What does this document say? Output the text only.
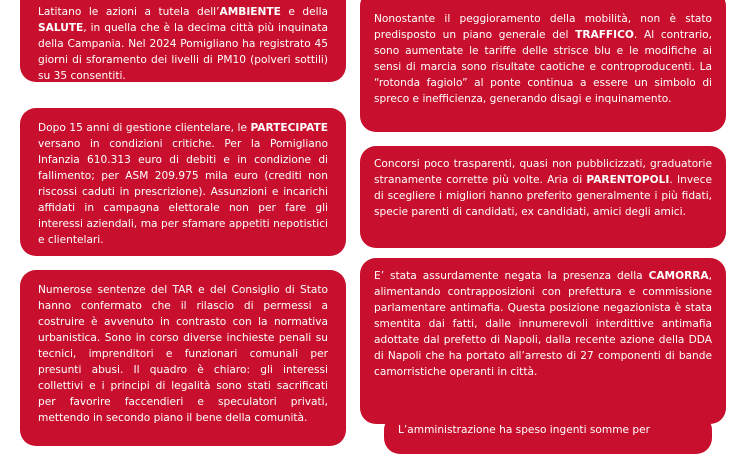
Latitano le azioni a tutela dell’AMBIENTE e della SALUTE, in quella che è la decima città più inquinata della Campania. Nel 2024 Pomigliano ha registrato 45 giorni di sforamento dei livelli di PM10 (polveri sottili) su 35 consentiti.

Dopo 15 anni di gestione clientelare, le PARTECIPATE versano in condizioni critiche. Per la Pomigliano Infanzia 610.313 euro di debiti e in condizione di fallimento; per ASM 209.975 mila euro (crediti non riscossi caduti in prescrizione). Assunzioni e incarichi affidati in campagna elettorale non per fare gli interessi aziendali, ma per sfamare appetiti nepotistici e clientelari.

Numerose sentenze del TAR e del Consiglio di Stato hanno confermato che il rilascio di permessi a costruire è avvenuto in contrasto con la normativa urbanistica. Sono in corso diverse inchieste penali su tecnici, imprenditori e funzionari comunali per presunti abusi. Il quadro è chiaro: gli interessi collettivi e i principi di legalità sono stati sacrificati per favorire faccendieri e speculatori privati, mettendo in secondo piano il bene della comunità.

Nonostante il peggioramento della mobilità, non è stato predisposto un piano generale del TRAFFICO. Al contrario, sono aumentate le tariffe delle strisce blu e le modifiche ai sensi di marcia sono risultate caotiche e controproducenti. La “rotonda fagiolo” al ponte continua a essere un simbolo di spreco e inefficienza, generando disagi e inquinamento.

Concorsi poco trasparenti, quasi non pubblicizzati, graduatorie stranamente corrette più volte. Aria di PARENTOPOLI. Invece di scegliere i migliori hanno preferito generalmente i più fidati, specie parenti di candidati, ex candidati, amici degli amici.

E’ stata assurdamente negata la presenza della CAMORRA, alimentando contrapposizioni con prefettura e commissione parlamentare antimafia. Questa posizione negazionista è stata smentita dai fatti, dalle innumerevoli interdittive antimafia adottate dal prefetto di Napoli, dalla recente azione della DDA di Napoli che ha portato all’arresto di 27 componenti di bande camorristiche operanti in città.

L’amministrazione ha speso ingenti somme per
